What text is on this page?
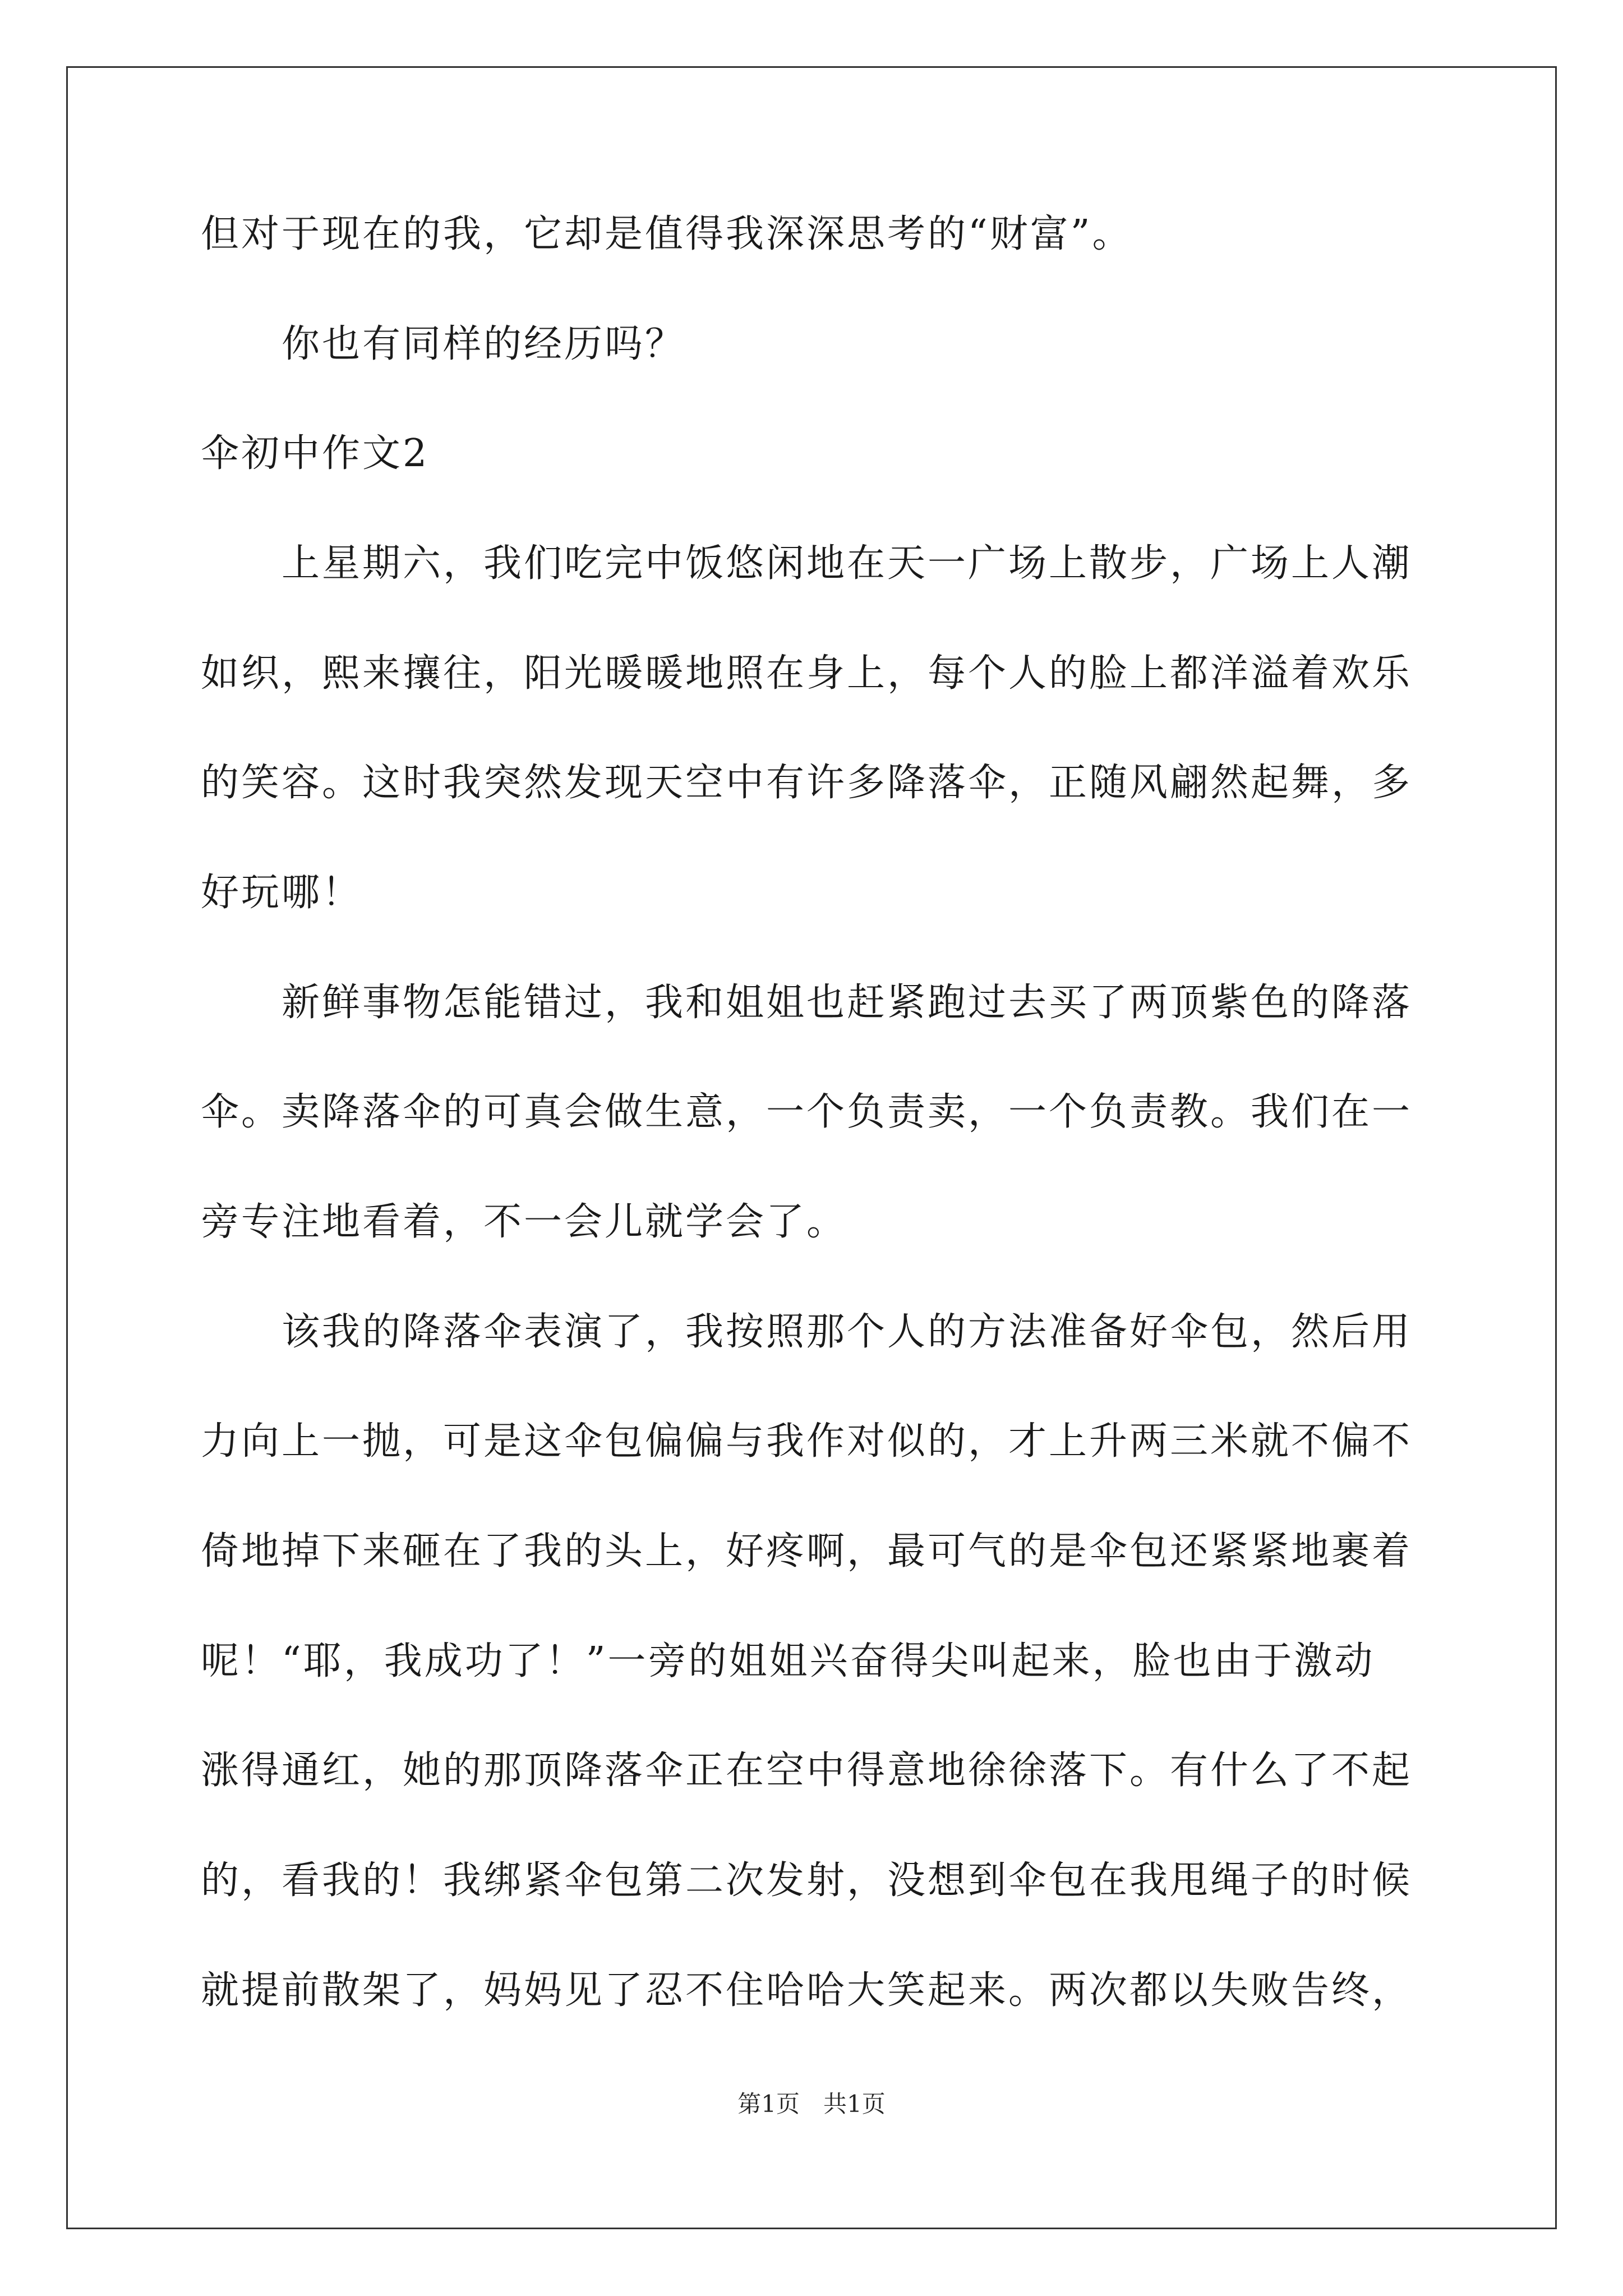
但对于现在的我，它却是值得我深深思考的“财富”。

　　你也有同样的经历吗？

伞初中作文2

　　上星期六，我们吃完中饭悠闲地在天一广场上散步，广场上人潮

如织，熙来攘往，阳光暖暖地照在身上，每个人的脸上都洋溢着欢乐

的笑容。这时我突然发现天空中有许多降落伞，正随风翩然起舞，多

好玩哪！

　　新鲜事物怎能错过，我和姐姐也赶紧跑过去买了两顶紫色的降落

伞。卖降落伞的可真会做生意，一个负责卖，一个负责教。我们在一

旁专注地看着，不一会儿就学会了。

　　该我的降落伞表演了，我按照那个人的方法准备好伞包，然后用

力向上一抛，可是这伞包偏偏与我作对似的，才上升两三米就不偏不

倚地掉下来砸在了我的头上，好疼啊，最可气的是伞包还紧紧地裹着

呢！“耶，我成功了！”一旁的姐姐兴奋得尖叫起来，脸也由于激动

涨得通红，她的那顶降落伞正在空中得意地徐徐落下。有什么了不起

的，看我的！我绑紧伞包第二次发射，没想到伞包在我甩绳子的时候

就提前散架了，妈妈见了忍不住哈哈大笑起来。两次都以失败告终，

第1页　共1页
